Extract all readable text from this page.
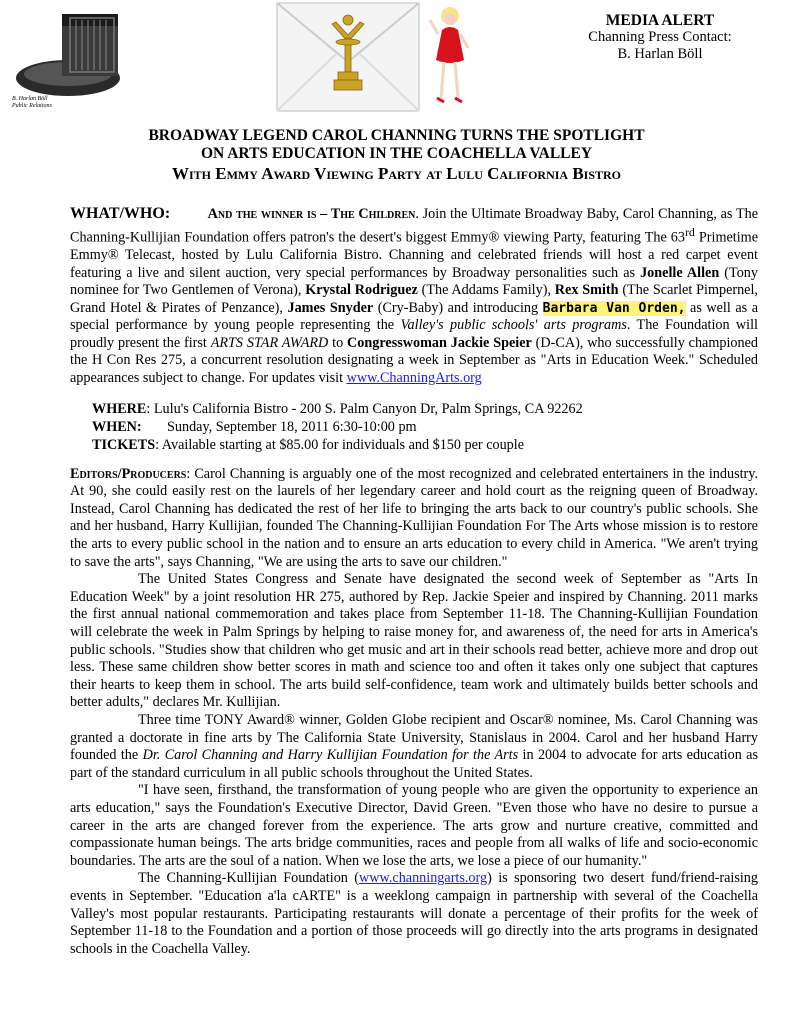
B. Harlan Böll
Public Relations
MEDIA ALERT
Channing Press Contact:
B. Harlan Böll
BROADWAY LEGEND CAROL CHANNING TURNS THE SPOTLIGHT
ON ARTS EDUCATION IN THE COACHELLA VALLEY
With Emmy Award Viewing Party at Lulu California Bistro

WHAT/WHO:	And the winner is – The Children. Join the Ultimate Broadway Baby, Carol Channing, as The Channing-Kullijian Foundation offers patron's the desert's biggest Emmy® viewing Party, featuring The 63rd Primetime Emmy® Telecast, hosted by Lulu California Bistro. Channing and celebrated friends will host a red carpet event featuring a live and silent auction, very special performances by Broadway personalities such as Jonelle Allen (Tony nominee for Two Gentlemen of Verona), Krystal Rodriguez (The Addams Family), Rex Smith (The Scarlet Pimpernel, Grand Hotel & Pirates of Penzance), James Snyder (Cry-Baby) and introducing Barbara Van Orden, as well as a special performance by young people representing the Valley's public schools' arts programs. The Foundation will proudly present the first ARTS STAR AWARD to Congresswoman Jackie Speier (D-CA), who successfully championed the H Con Res 275, a concurrent resolution designating a week in September as "Arts in Education Week." Scheduled appearances subject to change. For updates visit www.ChanningArts.org

WHERE: Lulu's California Bistro - 200 S. Palm Canyon Dr, Palm Springs, CA 92262
WHEN: Sunday, September 18, 2011 6:30-10:00 pm
TICKETS: Available starting at $85.00 for individuals and $150 per couple

Editors/Producers: Carol Channing is arguably one of the most recognized and celebrated entertainers in the industry. At 90, she could easily rest on the laurels of her legendary career and hold court as the reigning queen of Broadway. Instead, Carol Channing has dedicated the rest of her life to bringing the arts back to our country's public schools. She and her husband, Harry Kullijian, founded The Channing-Kullijian Foundation For The Arts whose mission is to restore the arts to every public school in the nation and to ensure an arts education to every child in America. "We aren't trying to save the arts", says Channing, "We are using the arts to save our children."

The United States Congress and Senate have designated the second week of September as "Arts In Education Week" by a joint resolution HR 275, authored by Rep. Jackie Speier and inspired by Channing. 2011 marks the first annual national commemoration and takes place from September 11-18. The Channing-Kullijian Foundation will celebrate the week in Palm Springs by helping to raise money for, and awareness of, the need for arts in America's public schools. "Studies show that children who get music and art in their schools read better, achieve more and drop out less. These same children show better scores in math and science too and often it takes only one subject that captures their hearts to keep them in school. The arts build self-confidence, team work and ultimately builds better schools and better adults," declares Mr. Kullijian.

Three time TONY Award® winner, Golden Globe recipient and Oscar® nominee, Ms. Carol Channing was granted a doctorate in fine arts by The California State University, Stanislaus in 2004. Carol and her husband Harry founded the Dr. Carol Channing and Harry Kullijian Foundation for the Arts in 2004 to advocate for arts education as part of the standard curriculum in all public schools throughout the United States.

"I have seen, firsthand, the transformation of young people who are given the opportunity to experience an arts education," says the Foundation's Executive Director, David Green. "Even those who have no desire to pursue a career in the arts are changed forever from the experience. The arts grow and nurture creative, committed and compassionate human beings. The arts bridge communities, races and people from all walks of life and socio-economic boundaries. The arts are the soul of a nation. When we lose the arts, we lose a piece of our humanity."

The Channing-Kullijian Foundation (www.channingarts.org) is sponsoring two desert fund/friend-raising events in September. "Education a'la cARTE" is a weeklong campaign in partnership with several of the Coachella Valley's most popular restaurants. Participating restaurants will donate a percentage of their profits for the week of September 11-18 to the Foundation and a portion of those proceeds will go directly into the arts programs in designated schools in the Coachella Valley.
